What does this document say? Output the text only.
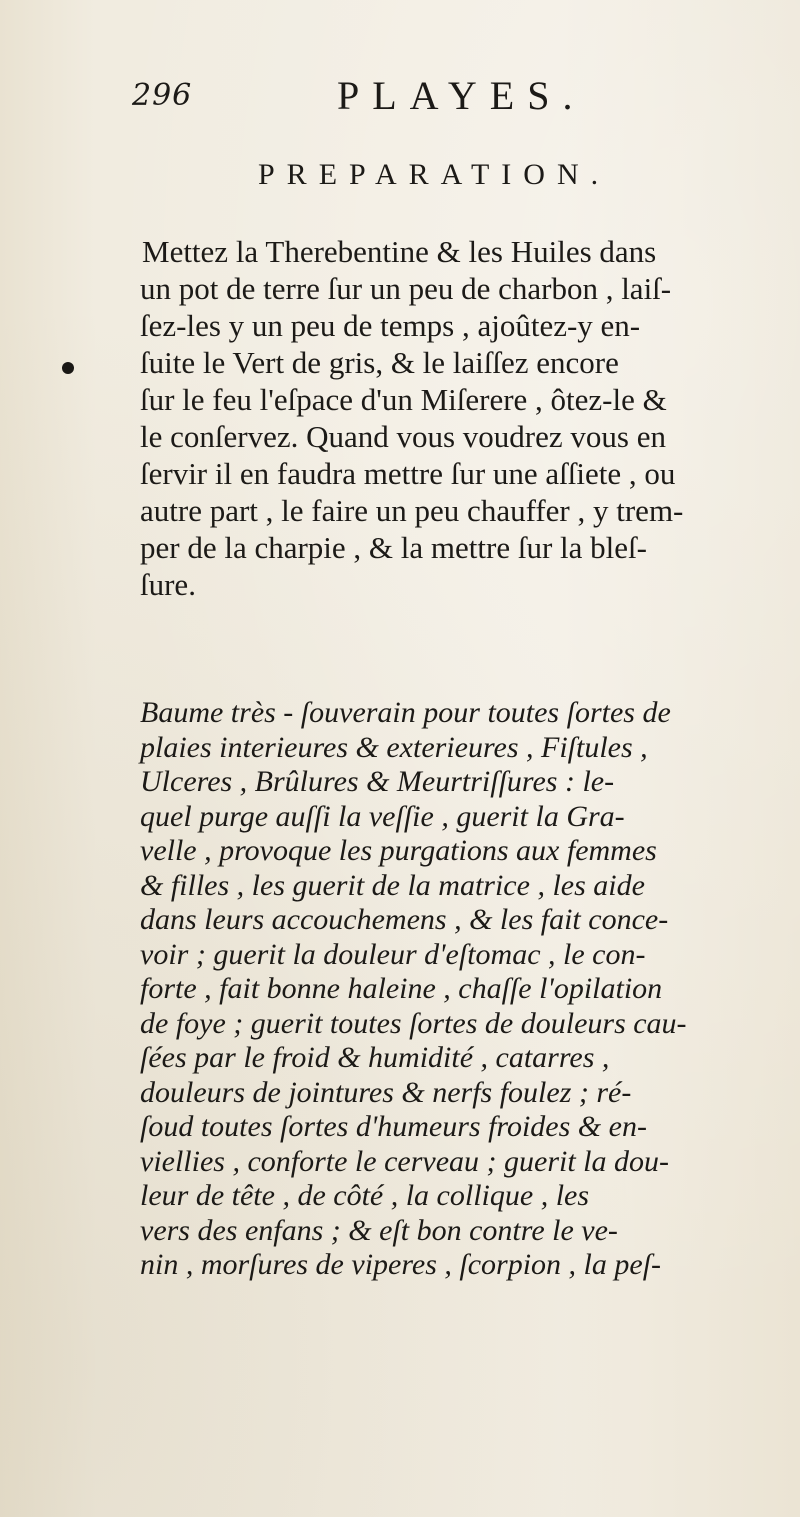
296	PLAYES.
PREPARATION.
Mettez la Therebentine & les Huiles dans
un pot de terre ſur un peu de charbon , laiſ-
ſez-les y un peu de temps , ajoûtez-y en-
ſuite le Vert de gris, & le laiſſez encore
ſur le feu l'eſpace d'un Miſerere , ôtez-le &
le conſervez. Quand vous voudrez vous en
ſervir il en faudra mettre ſur une aſſiete , ou
autre part , le faire un peu chauffer , y trem-
per de la charpie , & la mettre ſur la bleſ-
ſure.
Baume très - ſouverain pour toutes ſortes de
plaies interieures & exterieures , Fiſtules ,
Ulceres , Brûlures & Meurtriſſures : le-
quel purge auſſi la veſſie , guerit la Gra-
velle , provoque les purgations aux femmes
& filles , les guerit de la matrice , les aide
dans leurs accouchemens , & les fait conce-
voir ; guerit la douleur d'eſtomac , le con-
forte , fait bonne haleine , chaſſe l'opilation
de foye ; guerit toutes ſortes de douleurs cau-
ſées par le froid & humidité , catarres ,
douleurs de jointures & nerfs foulez ; ré-
ſoud toutes ſortes d'humeurs froides & en-
viellies , conforte le cerveau ; guerit la dou-
leur de tête , de côté , la collique , les
vers des enfans ; & eſt bon contre le ve-
nin , morſures de viperes , ſcorpion , la peſ-
